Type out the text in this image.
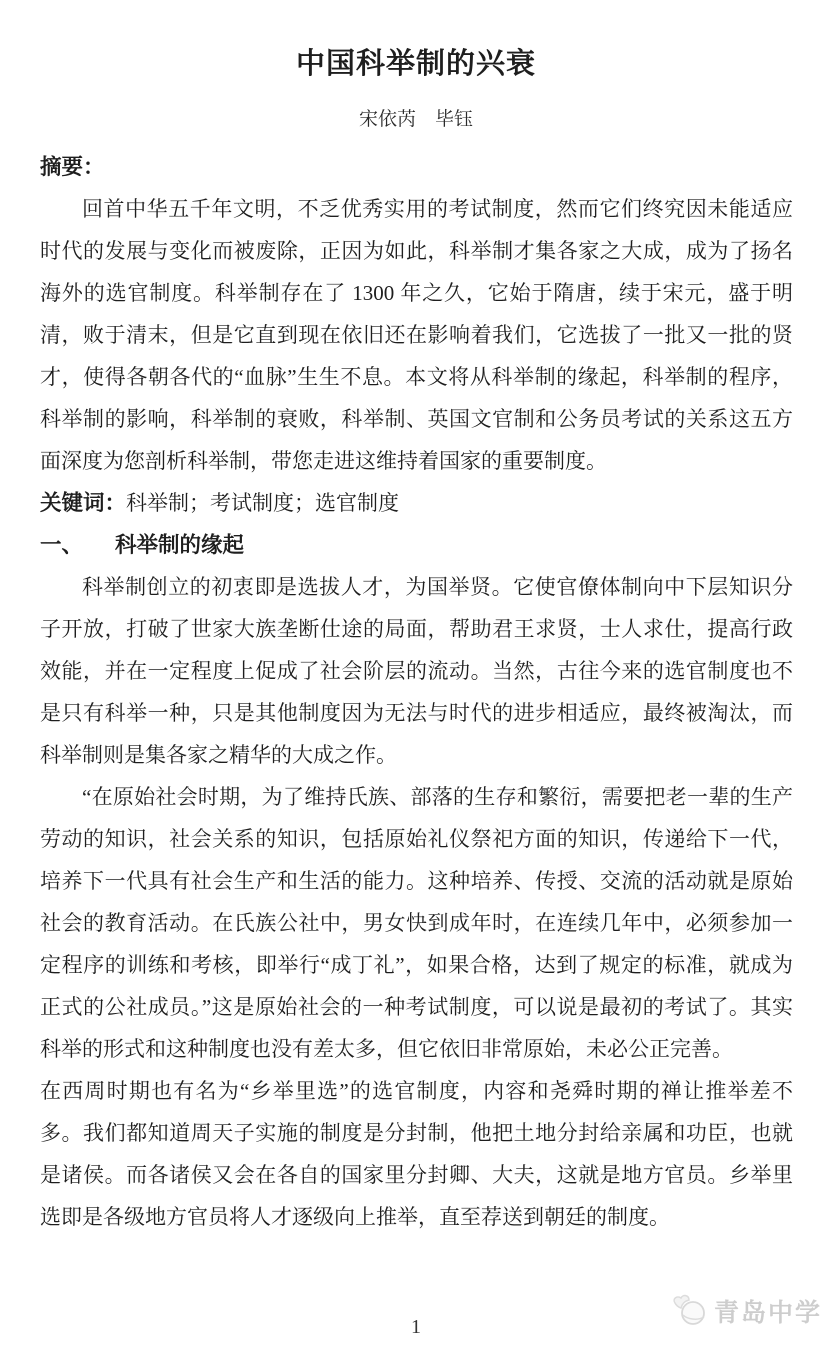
中国科举制的兴衰
宋依芮　毕钰
摘要：

回首中华五千年文明，不乏优秀实用的考试制度，然而它们终究因未能适应时代的发展与变化而被废除，正因为如此，科举制才集各家之大成，成为了扬名海外的选官制度。科举制存在了 1300 年之久，它始于隋唐，续于宋元，盛于明清，败于清末，但是它直到现在依旧还在影响着我们，它选拔了一批又一批的贤才，使得各朝各代的“血脉”生生不息。本文将从科举制的缘起，科举制的程序，科举制的影响，科举制的衰败，科举制、英国文官制和公务员考试的关系这五方面深度为您剖析科举制，带您走进这维持着国家的重要制度。

关键词：科举制；考试制度；选官制度
一、 科举制的缘起

科举制创立的初衷即是选拔人才，为国举贤。它使官僚体制向中下层知识分子开放，打破了世家大族垄断仕途的局面，帮助君王求贤，士人求仕，提高行政效能，并在一定程度上促成了社会阶层的流动。当然，古往今来的选官制度也不是只有科举一种，只是其他制度因为无法与时代的进步相适应，最终被淘汰，而科举制则是集各家之精华的大成之作。

“在原始社会时期，为了维持氏族、部落的生存和繁衍，需要把老一辈的生产劳动的知识，社会关系的知识，包括原始礼仪祭祀方面的知识，传递给下一代，培养下一代具有社会生产和生活的能力。这种培养、传授、交流的活动就是原始社会的教育活动。在氏族公社中，男女快到成年时，在连续几年中，必须参加一定程序的训练和考核，即举行“成丁礼”，如果合格，达到了规定的标准，就成为正式的公社成员。”这是原始社会的一种考试制度，可以说是最初的考试了。其实科举的形式和这种制度也没有差太多，但它依旧非常原始，未必公正完善。

在西周时期也有名为“乡举里选”的选官制度，内容和尧舜时期的禅让推举差不多。我们都知道周天子实施的制度是分封制，他把土地分封给亲属和功臣，也就是诸侯。而各诸侯又会在各自的国家里分封卿、大夫，这就是地方官员。乡举里选即是各级地方官员将人才逐级向上推举，直至荐送到朝廷的制度。

1	青岛中学
